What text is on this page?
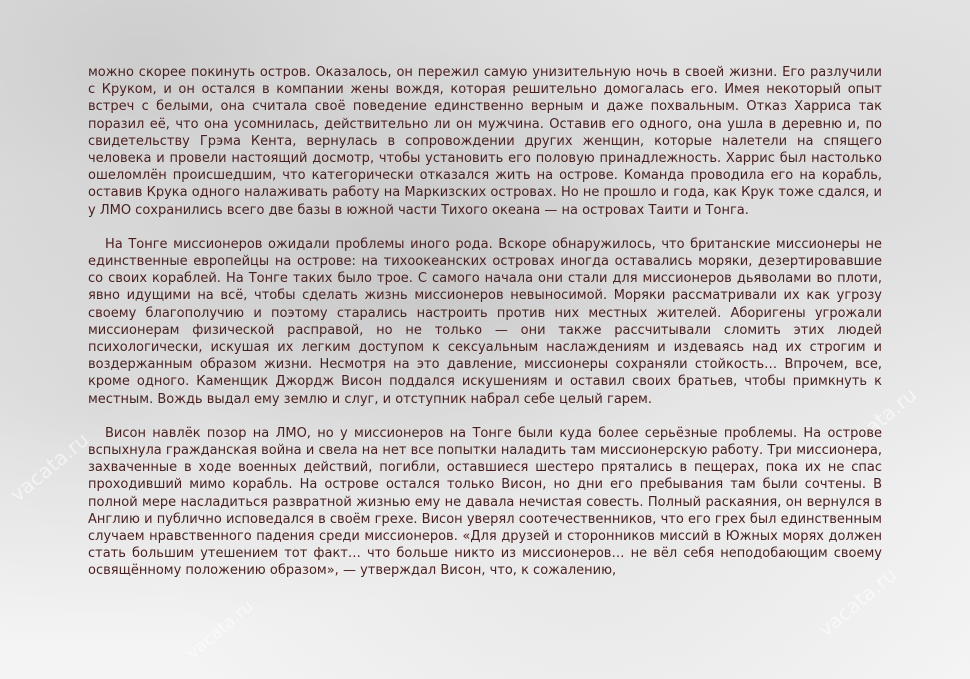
vacata.ru
vacata.ru	vacata.ru
vacata.ru

можно скорее покинуть остров. Оказалось, он пережил самую унизительную ночь в своей жизни. Его разлучили с Круком, и он остался в компании жены вождя, которая решительно домогалась его. Имея некоторый опыт встреч с белыми, она считала своё поведение единственно верным и даже похвальным. Отказ Харриса так поразил её, что она усомнилась, действительно ли он мужчина. Оставив его одного, она ушла в деревню и, по свидетельству Грэма Кента, вернулась в сопровождении других женщин, которые налетели на спящего человека и провели настоящий досмотр, чтобы установить его половую принадлежность. Харрис был настолько ошеломлён происшедшим, что категорически отказался жить на острове. Команда проводила его на корабль, оставив Крука одного налаживать работу на Маркизских островах. Но не прошло и года, как Крук тоже сдался, и у ЛМО сохранились всего две базы в южной части Тихого океана — на островах Таити и Тонга.

На Тонге миссионеров ожидали проблемы иного рода. Вскоре обнаружилось, что британские миссионеры не единственные европейцы на острове: на тихоокеанских островах иногда оставались моряки, дезертировавшие со своих кораблей. На Тонге таких было трое. С самого начала они стали для миссионеров дьяволами во плоти, явно идущими на всё, чтобы сделать жизнь миссионеров невыносимой. Моряки рассматривали их как угрозу своему благополучию и поэтому старались настроить против них местных жителей. Аборигены угрожали миссионерам физической расправой, но не только — они также рассчитывали сломить этих людей психологически, искушая их легким доступом к сексуальным наслаждениям и издеваясь над их строгим и воздержанным образом жизни. Несмотря на это давление, миссионеры сохраняли стойкость… Впрочем, все, кроме одного. Каменщик Джордж Висон поддался искушениям и оставил своих братьев, чтобы примкнуть к местным. Вождь выдал ему землю и слуг, и отступник набрал себе целый гарем.

Висон навлёк позор на ЛМО, но у миссионеров на Тонге были куда более серьёзные проблемы. На острове вспыхнула гражданская война и свела на нет все попытки наладить там миссионерскую работу. Три миссионера, захваченные в ходе военных действий, погибли, оставшиеся шестеро прятались в пещерах, пока их не спас проходивший мимо корабль. На острове остался только Висон, но дни его пребывания там были сочтены. В полной мере насладиться развратной жизнью ему не давала нечистая совесть. Полный раскаяния, он вернулся в Англию и публично исповедался в своём грехе. Висон уверял соотечественников, что его грех был единственным случаем нравственного падения среди миссионеров. «Для друзей и сторонников миссий в Южных морях должен стать большим утешением тот факт… что больше никто из миссионеров… не вёл себя неподобающим своему освящённому положению образом», — утверждал Висон, что, к сожалению,
